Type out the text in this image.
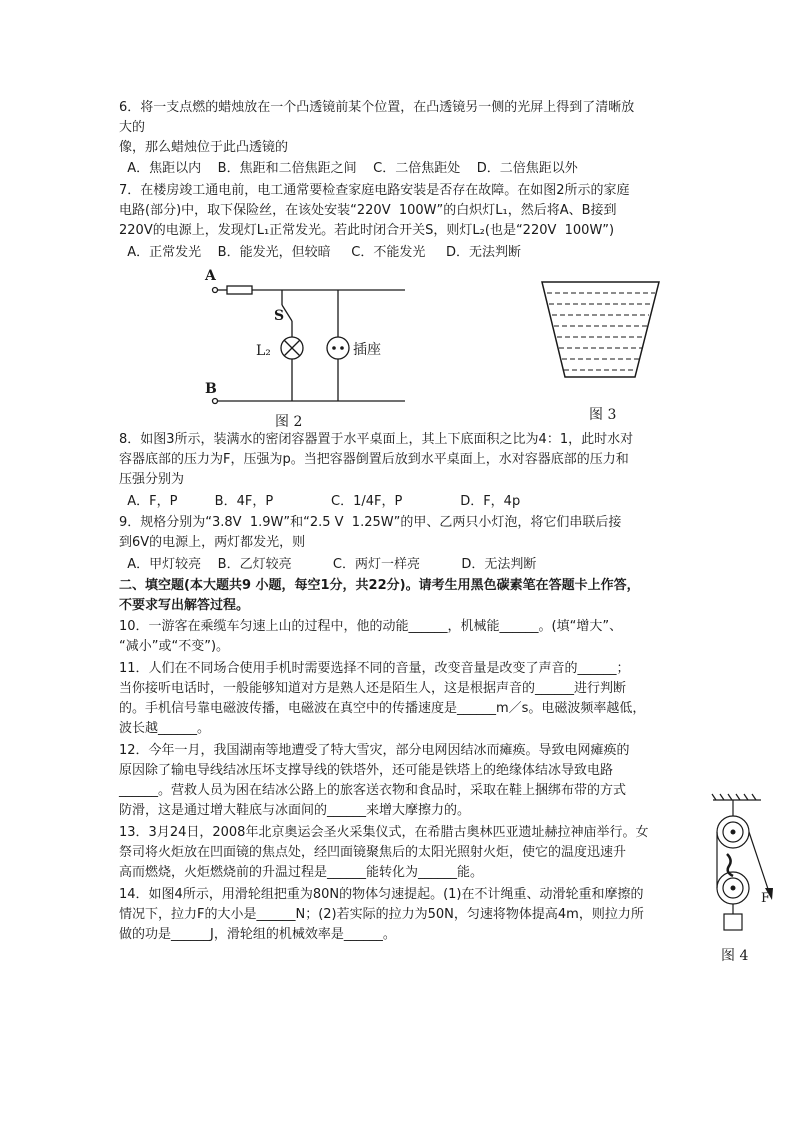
6．将一支点燃的蜡烛放在一个凸透镜前某个位置，在凸透镜另一侧的光屏上得到了清晰放
大的
像，那么蜡烛位于此凸透镜的
A．焦距以内    B．焦距和二倍焦距之间    C．二倍焦距处    D．二倍焦距以外
7．在楼房竣工通电前，电工通常要检查家庭电路安装是否存在故障。在如图2所示的家庭
电路(部分)中，取下保险丝，在该处安装“220V  100W”的白炽灯L₁，然后将A、B接到
220V的电源上，发现灯L₁正常发光。若此时闭合开关S，则灯L₂(也是“220V  100W”)
A．正常发光    B．能发光，但较暗     C．不能发光     D．无法判断
A
B
S
L₂	插座
图 2	图 3
8．如图3所示，装满水的密闭容器置于水平桌面上，其上下底面积之比为4：1，此时水对
容器底部的压力为F，压强为p。当把容器倒置后放到水平桌面上，水对容器底部的压力和
压强分别为
A．F，P         B．4F，P              C．1/4F，P              D．F，4p
9．规格分别为“3.8V  1.9W”和“2.5 V  1.25W”的甲、乙两只小灯泡，将它们串联后接
到6V的电源上，两灯都发光，则
A．甲灯较亮    B．乙灯较亮          C．两灯一样亮          D．无法判断
二、填空题(本大题共9 小题，每空1分，共22分)。请考生用黑色碳素笔在答题卡上作答，
不要求写出解答过程。
10．一游客在乘缆车匀速上山的过程中，他的动能______，机械能______。(填“增大”、
“减小”或“不变”)。
11．人们在不同场合使用手机时需要选择不同的音量，改变音量是改变了声音的______；
当你接听电话时，一般能够知道对方是熟人还是陌生人，这是根据声音的______进行判断
的。手机信号靠电磁波传播，电磁波在真空中的传播速度是______m／s。电磁波频率越低，
波长越______。
12．今年一月，我国湖南等地遭受了特大雪灾，部分电网因结冰而瘫痪。导致电网瘫痪的
原因除了输电导线结冰压坏支撑导线的铁塔外，还可能是铁塔上的绝缘体结冰导致电路
______。营救人员为困在结冰公路上的旅客送衣物和食品时，采取在鞋上捆绑布带的方式
防滑，这是通过增大鞋底与冰面间的______来增大摩擦力的。
13．3月24日，2008年北京奥运会圣火采集仪式，在希腊古奥林匹亚遗址赫拉神庙举行。女
祭司将火炬放在凹面镜的焦点处，经凹面镜聚焦后的太阳光照射火炬，使它的温度迅速升
高而燃烧，火炬燃烧前的升温过程是______能转化为______能。
14．如图4所示，用滑轮组把重为80N的物体匀速提起。(1)在不计绳重、动滑轮重和摩擦的
情况下，拉力F的大小是______N；(2)若实际的拉力为50N，匀速将物体提高4m，则拉力所
做的功是______J，滑轮组的机械效率是______。
F
图 4
